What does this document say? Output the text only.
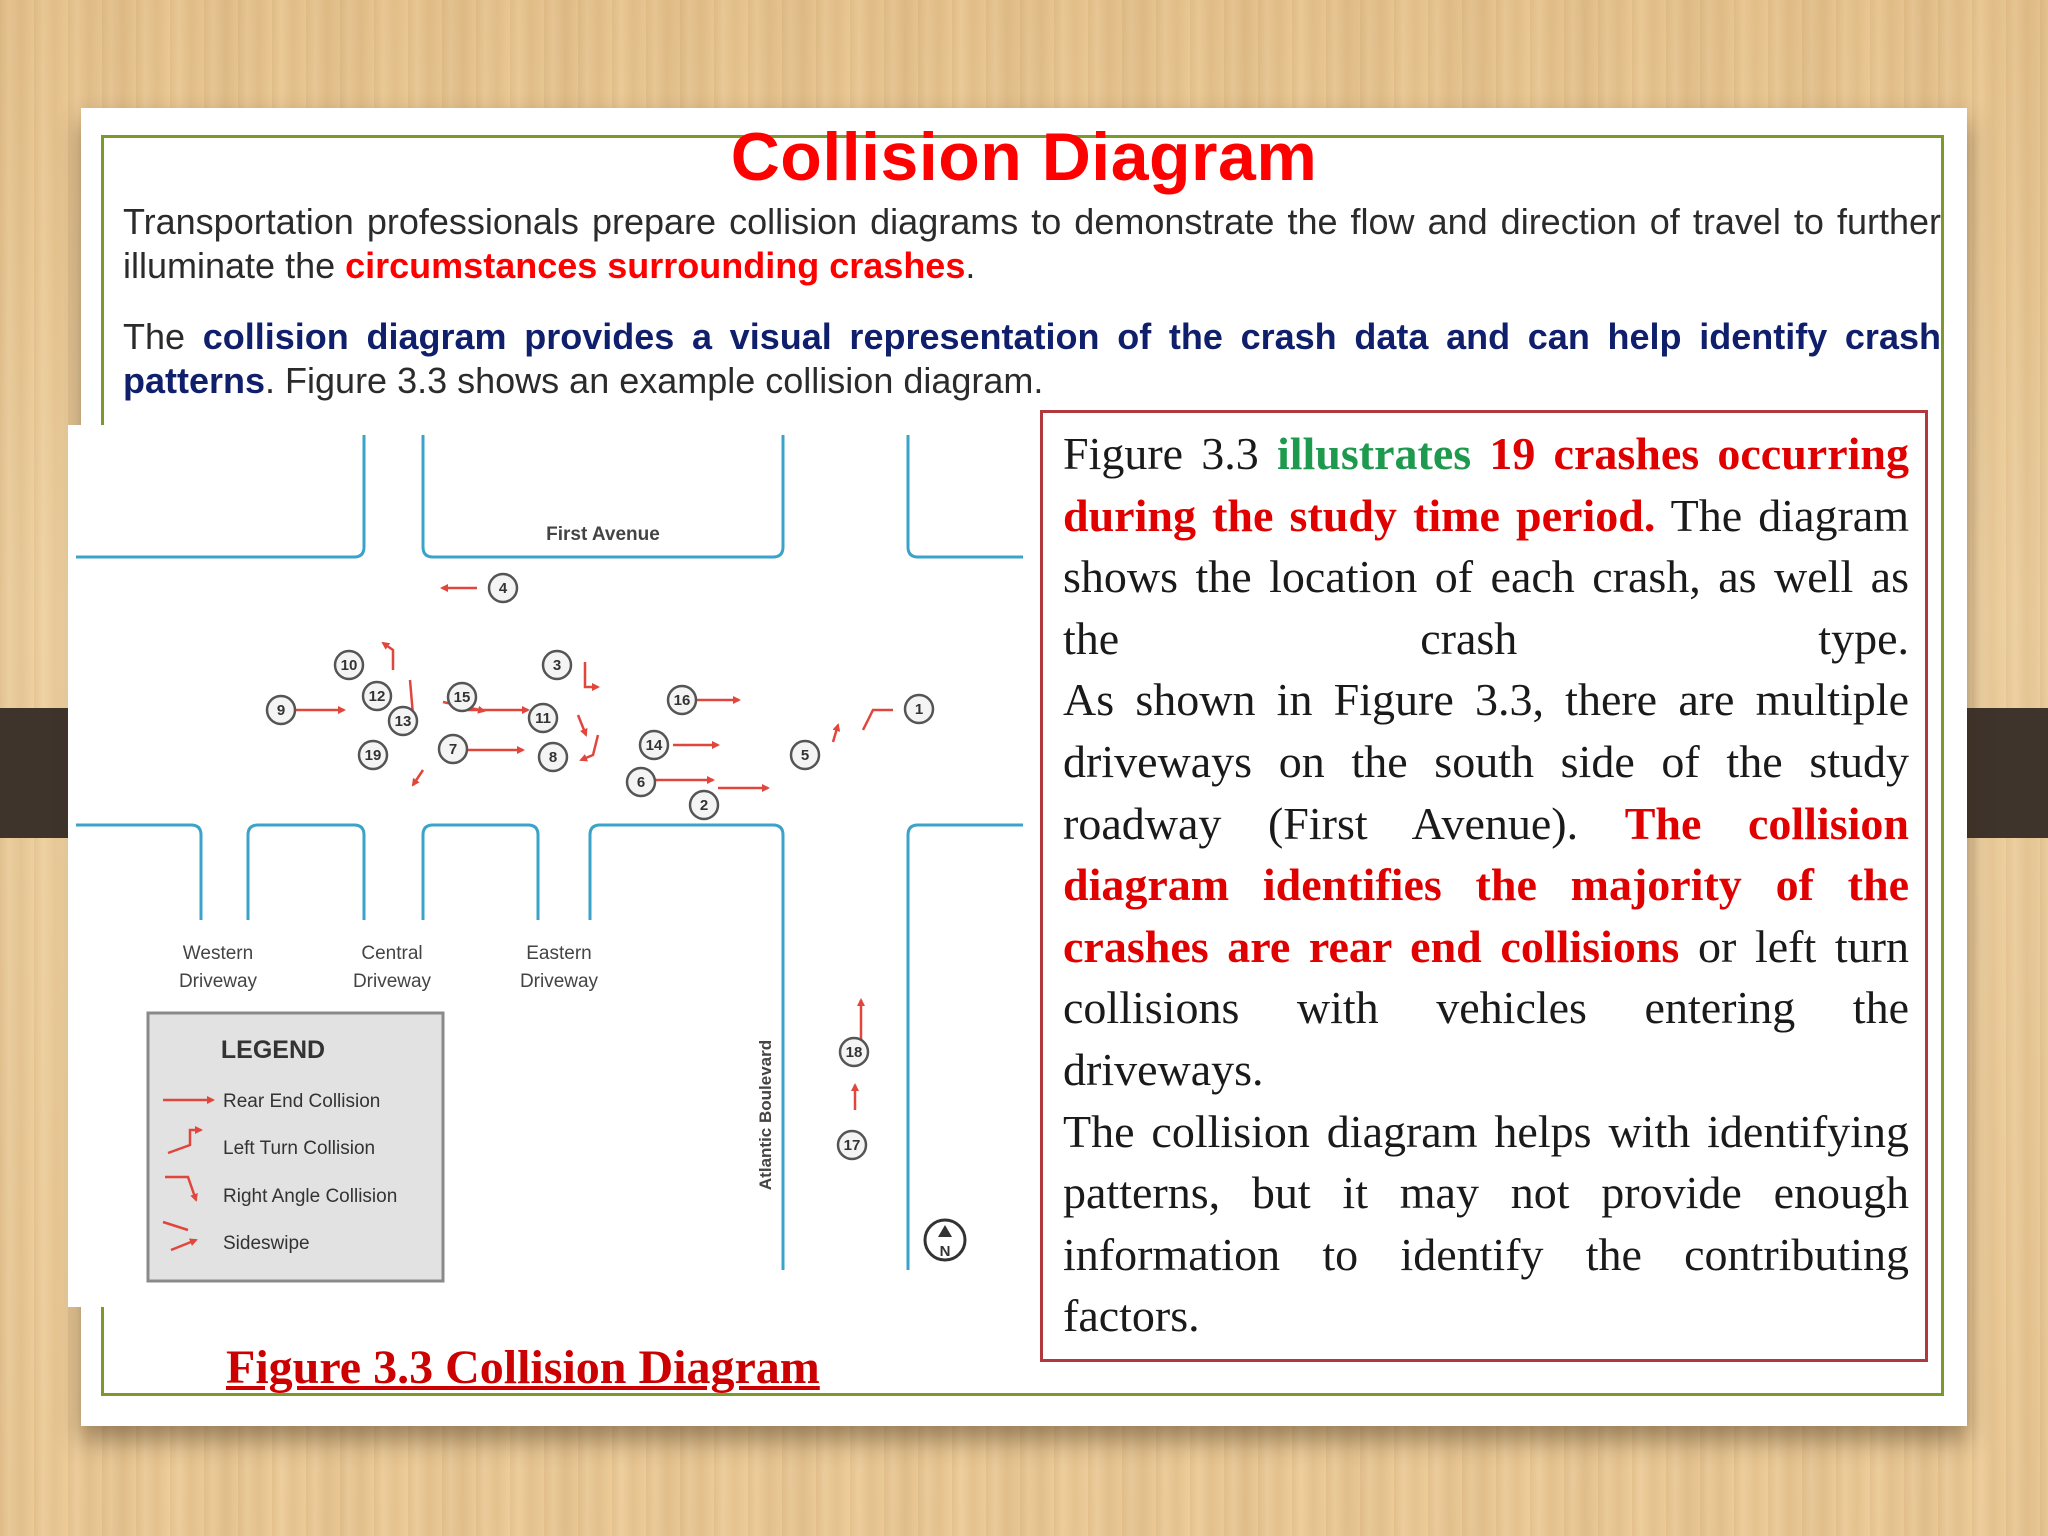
Collision Diagram
Transportation professionals prepare collision diagrams to demonstrate the flow and direction of travel to further illuminate the circumstances surrounding crashes.
The collision diagram provides a visual representation of the crash data and can help identify crash patterns. Figure 3.3 shows an example collision diagram.
1
2
3
4
5
6
7	8
9
10
11
12
13
14
15	16
17
18
19
First Avenue
Atlantic Boulevard
Western
Driveway
Central
Driveway
Eastern
Driveway
LEGEND
Rear End Collision
Left Turn Collision
Right Angle Collision
Sideswipe	N
Figure 3.3 Collision Diagram

Figure 3.3 illustrates 19 crashes occurring during the study time period. The diagram shows the location of each crash, as well as the crash type.

As shown in Figure 3.3, there are multiple driveways on the south side of the study roadway (First Avenue). The collision diagram identifies the majority of the crashes are rear end collisions or left turn collisions with vehicles entering the driveways.

The collision diagram helps with identifying patterns, but it may not provide enough information to identify the contributing factors.
